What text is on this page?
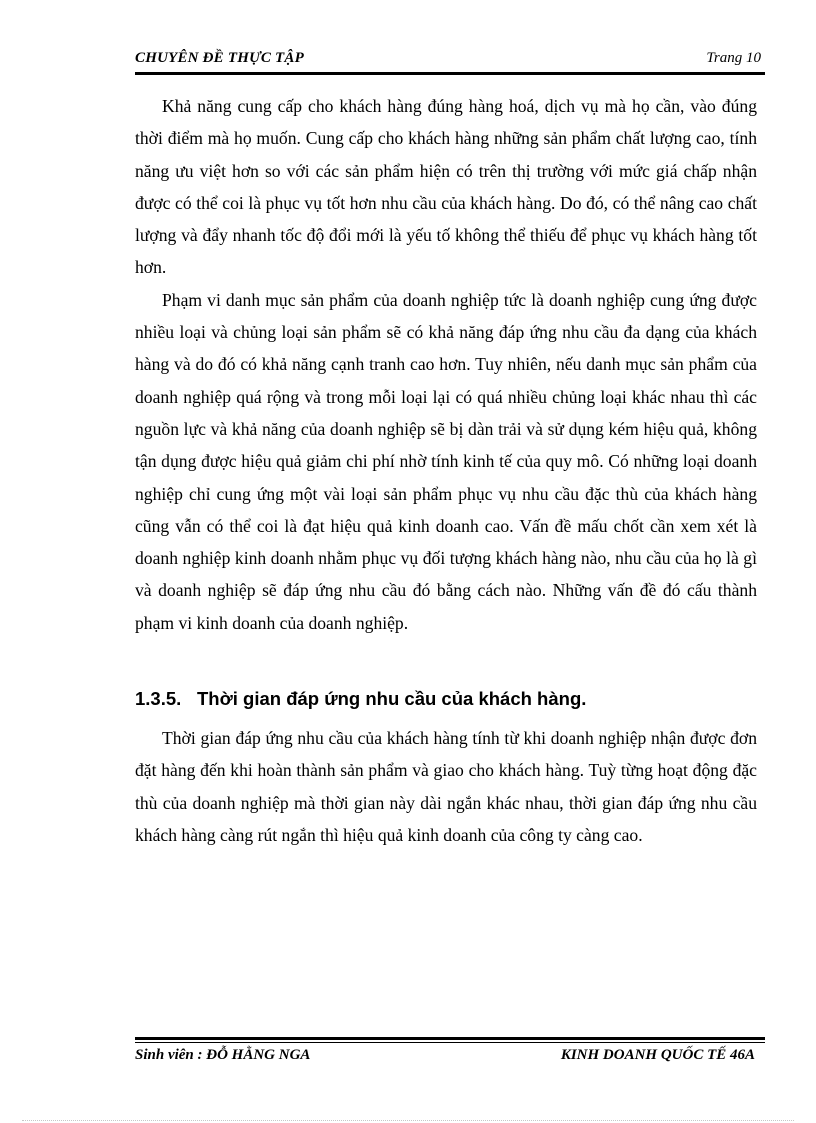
CHUYÊN ĐỀ THỰC TẬP	Trang 10

Khả năng cung cấp cho khách hàng đúng hàng hoá, dịch vụ mà họ cần, vào đúng thời điểm mà họ muốn. Cung cấp cho khách hàng những sản phẩm chất lượng cao, tính năng ưu việt hơn so với các sản phẩm hiện có trên thị trường với mức giá chấp nhận được có thể coi là phục vụ tốt hơn nhu cầu của khách hàng. Do đó, có thể nâng cao chất lượng và đẩy nhanh tốc độ đổi mới là yếu tố không thể thiếu để phục vụ khách hàng tốt hơn.

Phạm vi danh mục sản phẩm của doanh nghiệp tức là doanh nghiệp cung ứng được nhiều loại và chủng loại sản phẩm sẽ có khả năng đáp ứng nhu cầu đa dạng của khách hàng và do đó có khả năng cạnh tranh cao hơn. Tuy nhiên, nếu danh mục sản phẩm của doanh nghiệp quá rộng và trong mỗi loại lại có quá nhiều chủng loại khác nhau thì các nguồn lực và khả năng của doanh nghiệp sẽ bị dàn trải và sử dụng kém hiệu quả, không tận dụng được hiệu quả giảm chi phí nhờ tính kinh tế của quy mô. Có những loại doanh nghiệp chỉ cung ứng một vài loại sản phẩm phục vụ nhu cầu đặc thù của khách hàng cũng vẫn có thể coi là đạt hiệu quả kinh doanh cao. Vấn đề mấu chốt cần xem xét là doanh nghiệp kinh doanh nhằm phục vụ đối tượng khách hàng nào, nhu cầu của họ là gì và doanh nghiệp sẽ đáp ứng nhu cầu đó bằng cách nào. Những vấn đề đó cấu thành phạm vi kinh doanh của doanh nghiệp.

1.3.5. Thời gian đáp ứng nhu cầu của khách hàng.

Thời gian đáp ứng nhu cầu của khách hàng tính từ khi doanh nghiệp nhận được đơn đặt hàng đến khi hoàn thành sản phẩm và giao cho khách hàng. Tuỳ từng hoạt động đặc thù của doanh nghiệp mà thời gian này dài ngắn khác nhau, thời gian đáp ứng nhu cầu khách hàng càng rút ngắn thì hiệu quả kinh doanh của công ty càng cao.

Sinh viên : ĐỖ HẰNG NGA	KINH DOANH QUỐC TẾ 46A
